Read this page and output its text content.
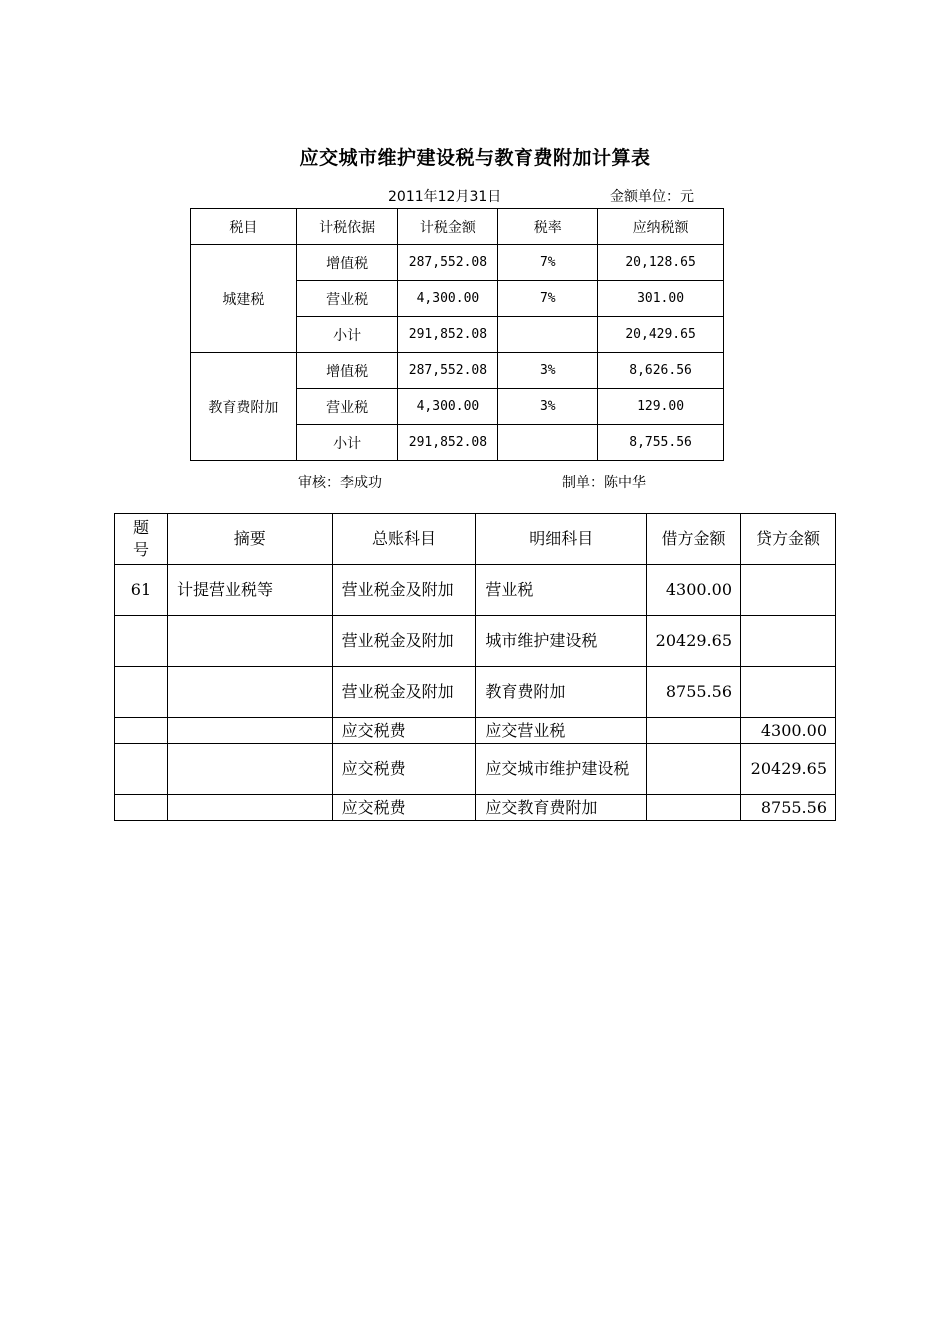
应交城市维护建设税与教育费附加计算表
2011年12月31日	金额单位：元
税目	计税依据	计税金额	税率	应纳税额
城建税	增值税	287,552.08	7%	20,128.65
	营业税	4,300.00	7%	301.00
	小计	291,852.08		20,429.65
教育费附加	增值税	287,552.08	3%	8,626.56
	营业税	4,300.00	3%	129.00
	小计	291,852.08		8,755.56
审核：李成功	制单：陈中华
题号	摘要	总账科目	明细科目	借方金额	贷方金额
61	计提营业税等	营业税金及附加	营业税	4300.00	
		营业税金及附加	城市维护建设税	20429.65	
		营业税金及附加	教育费附加	8755.56	
		应交税费	应交营业税		4300.00
		应交税费	应交城市维护建设税		20429.65
		应交税费	应交教育费附加		8755.56
